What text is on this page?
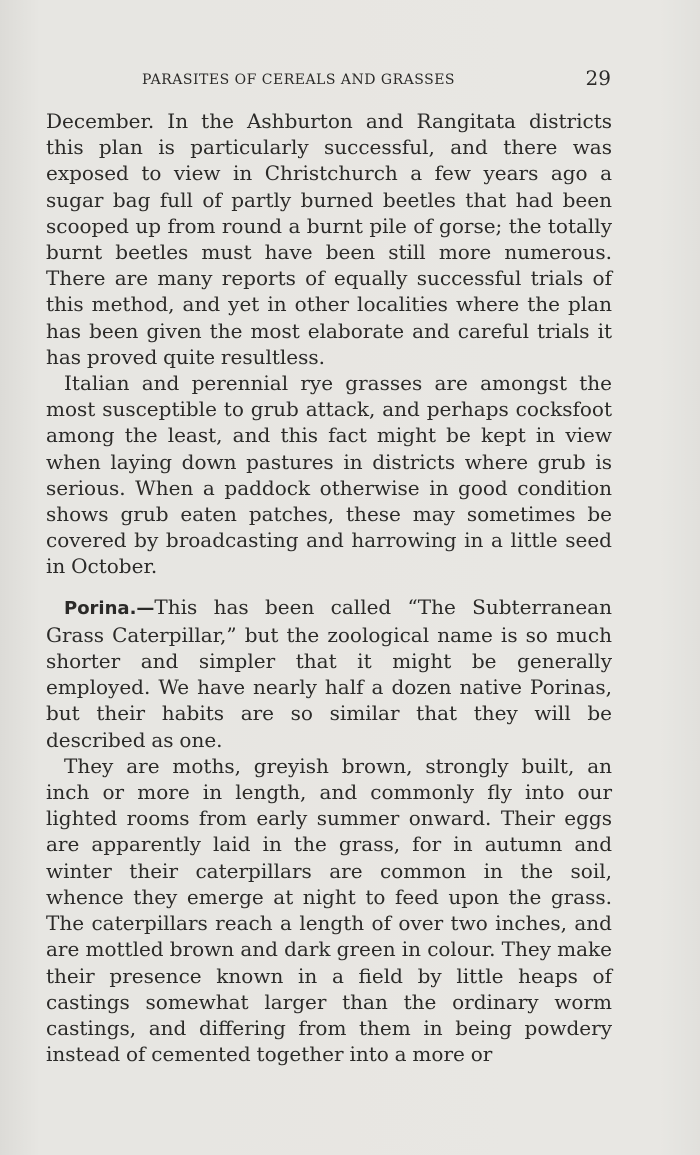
PARASITES OF CEREALS AND GRASSES	29

December. In the Ashburton and Rangitata districts this plan is particularly successful, and there was exposed to view in Christchurch a few years ago a sugar bag full of partly burned beetles that had been scooped up from round a burnt pile of gorse; the totally burnt beetles must have been still more numerous. There are many reports of equally successful trials of this method, and yet in other localities where the plan has been given the most elaborate and careful trials it has proved quite resultless.

Italian and perennial rye grasses are amongst the most susceptible to grub attack, and perhaps cocksfoot among the least, and this fact might be kept in view when laying down pastures in districts where grub is serious. When a paddock otherwise in good condition shows grub eaten patches, these may sometimes be covered by broadcasting and harrowing in a little seed in October.

Porina.—This has been called “The Subterranean Grass Caterpillar,” but the zoological name is so much shorter and simpler that it might be generally employed. We have nearly half a dozen native Porinas, but their habits are so similar that they will be described as one.

They are moths, greyish brown, strongly built, an inch or more in length, and commonly fly into our lighted rooms from early summer onward. Their eggs are apparently laid in the grass, for in autumn and winter their caterpillars are common in the soil, whence they emerge at night to feed upon the grass. The caterpillars reach a length of over two inches, and are mottled brown and dark green in colour. They make their presence known in a field by little heaps of castings somewhat larger than the ordinary worm castings, and differing from them in being powdery instead of cemented together into a more or
